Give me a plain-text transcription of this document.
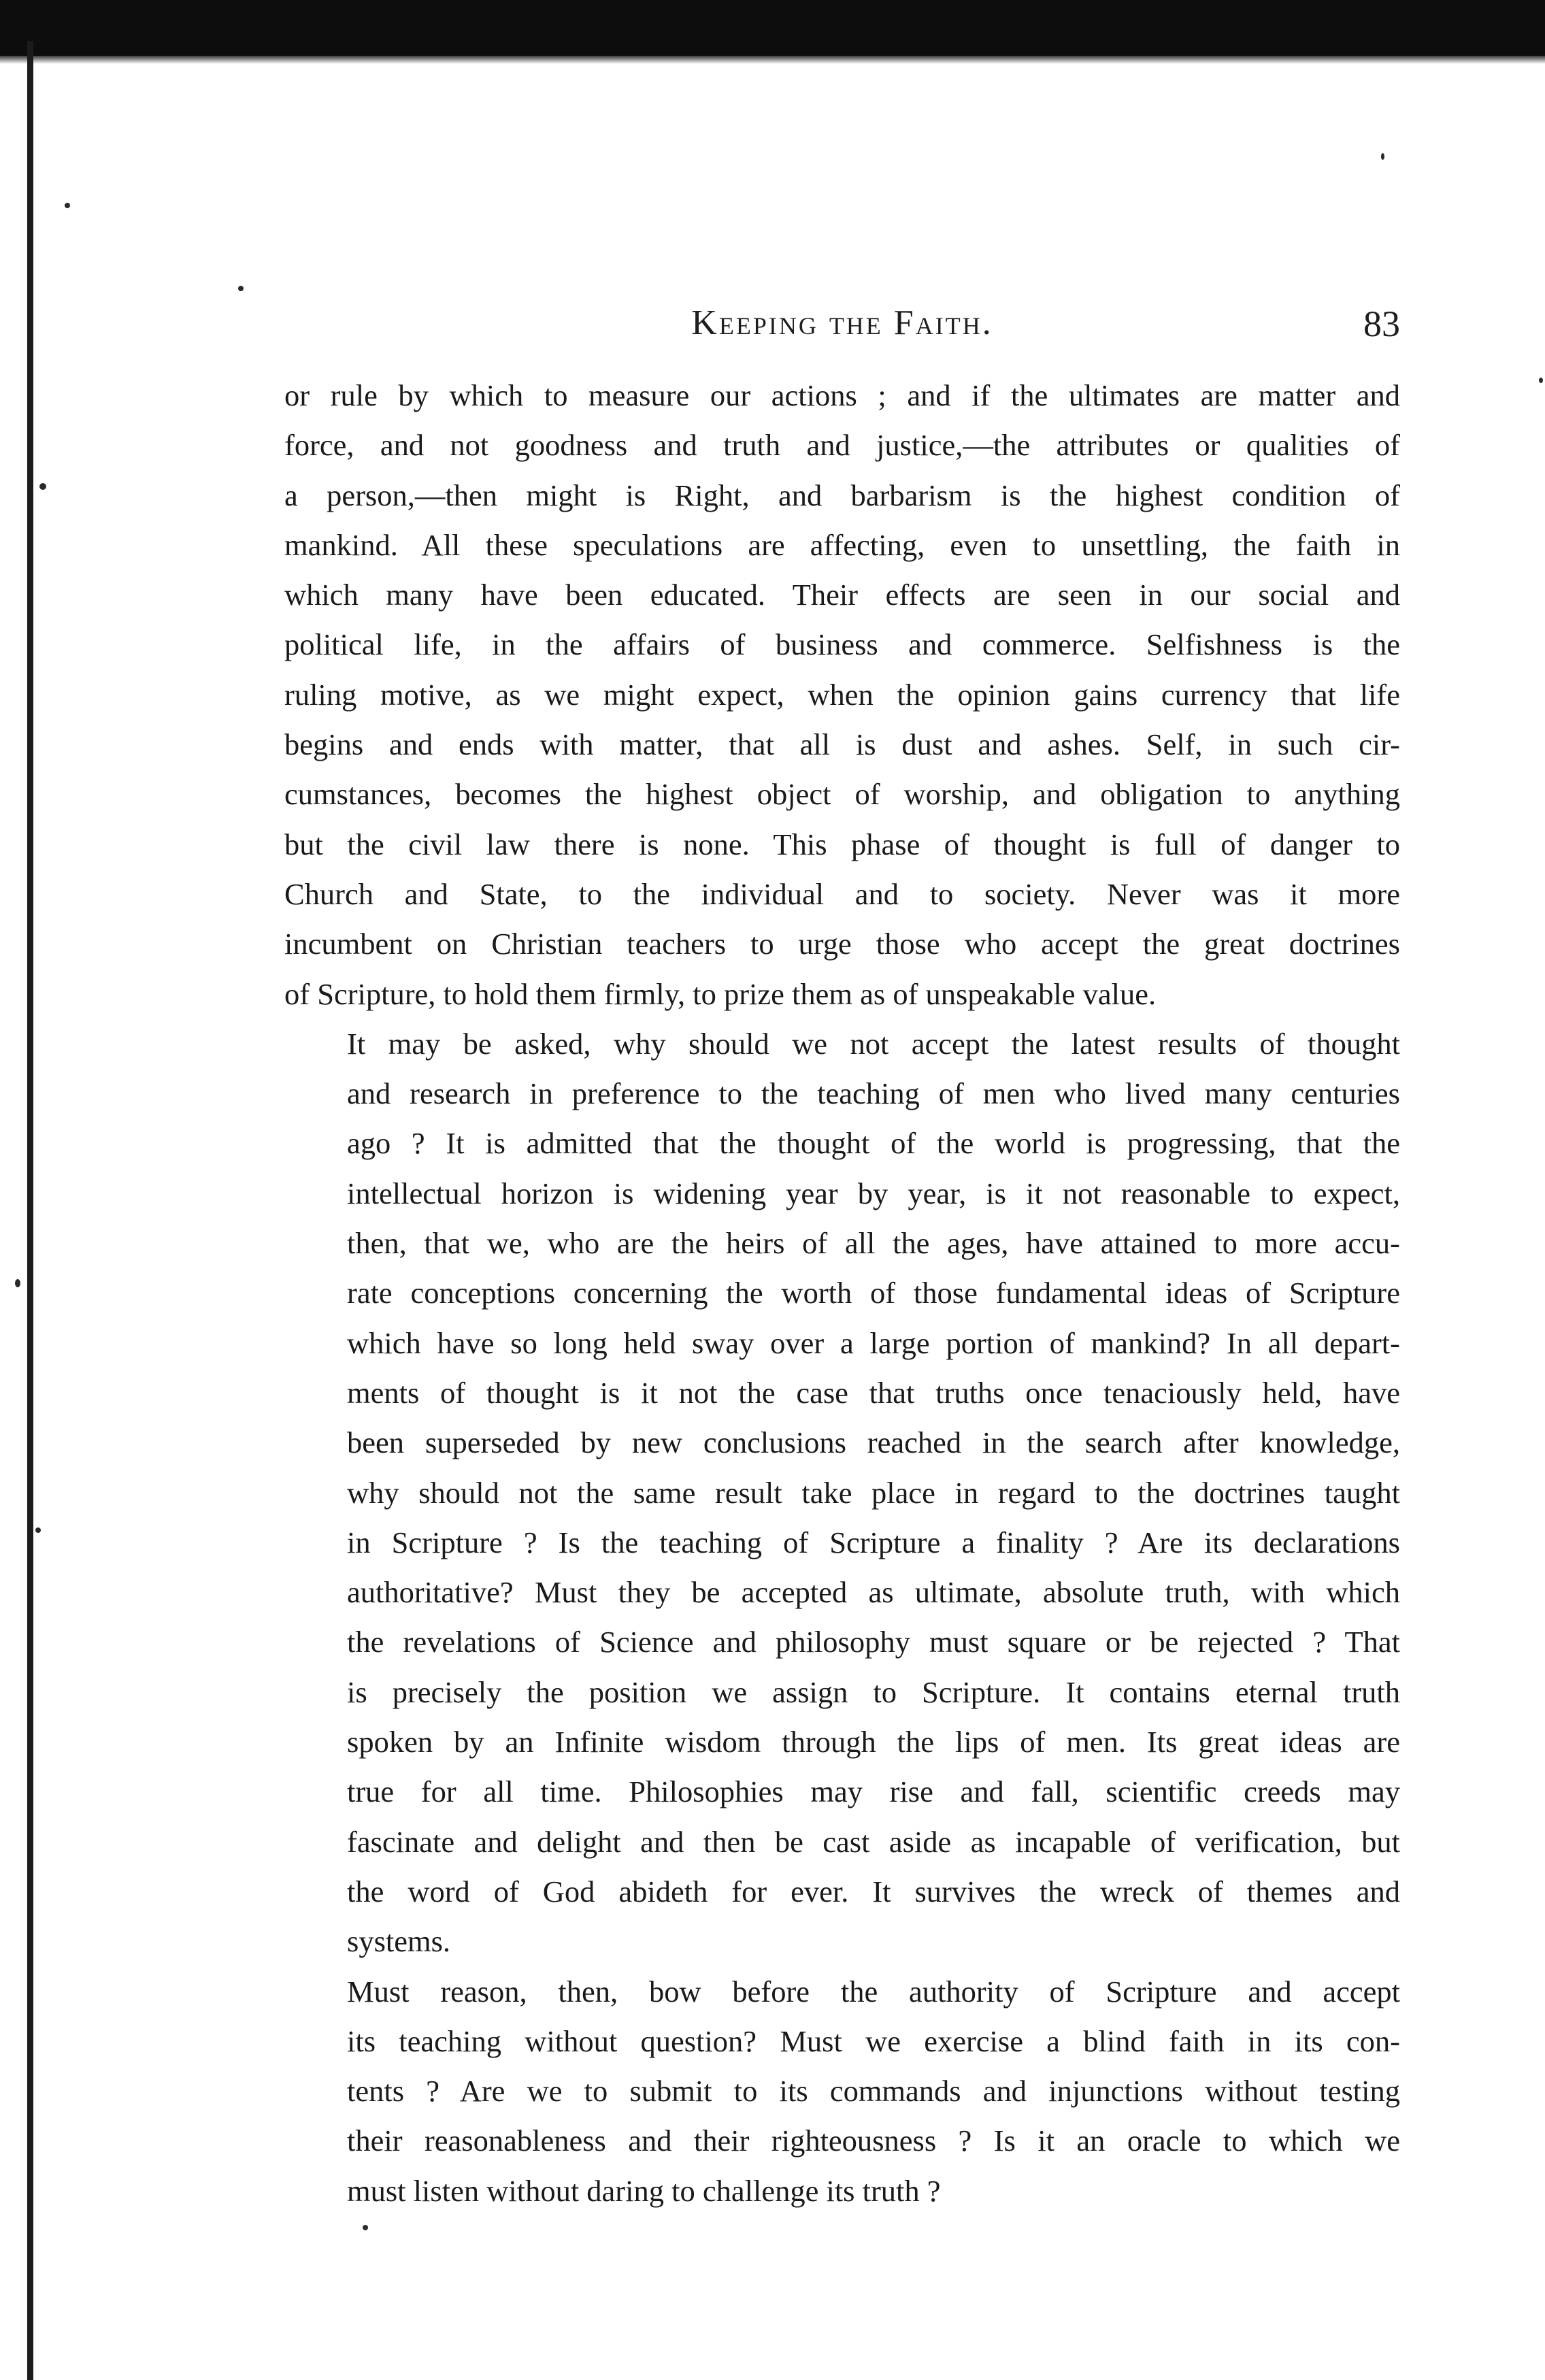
Keeping the Faith.	83

or rule by which to measure our actions ; and if the ultimates are matter and
force, and not goodness and truth and justice,—the attributes or qualities of
a person,—then might is Right, and barbarism is the highest condition of
mankind. All these speculations are affecting, even to unsettling, the faith in
which many have been educated. Their effects are seen in our social and
political life, in the affairs of business and commerce. Selfishness is the
ruling motive, as we might expect, when the opinion gains currency that life
begins and ends with matter, that all is dust and ashes. Self, in such cir-
cumstances, becomes the highest object of worship, and obligation to anything
but the civil law there is none. This phase of thought is full of danger to
Church and State, to the individual and to society. Never was it more
incumbent on Christian teachers to urge those who accept the great doctrines
of Scripture, to hold them firmly, to prize them as of unspeakable value.

It may be asked, why should we not accept the latest results of thought
and research in preference to the teaching of men who lived many centuries
ago ? It is admitted that the thought of the world is progressing, that the
intellectual horizon is widening year by year, is it not reasonable to expect,
then, that we, who are the heirs of all the ages, have attained to more accu-
rate conceptions concerning the worth of those fundamental ideas of Scripture
which have so long held sway over a large portion of mankind? In all depart-
ments of thought is it not the case that truths once tenaciously held, have
been superseded by new conclusions reached in the search after knowledge,
why should not the same result take place in regard to the doctrines taught
in Scripture ? Is the teaching of Scripture a finality ? Are its declarations
authoritative? Must they be accepted as ultimate, absolute truth, with which
the revelations of Science and philosophy must square or be rejected ? That
is precisely the position we assign to Scripture. It contains eternal truth
spoken by an Infinite wisdom through the lips of men. Its great ideas are
true for all time. Philosophies may rise and fall, scientific creeds may
fascinate and delight and then be cast aside as incapable of verification, but
the word of God abideth for ever. It survives the wreck of themes and
systems.

Must reason, then, bow before the authority of Scripture and accept
its teaching without question? Must we exercise a blind faith in its con-
tents ? Are we to submit to its commands and injunctions without testing
their reasonableness and their righteousness ? Is it an oracle to which we
must listen without daring to challenge its truth ?
